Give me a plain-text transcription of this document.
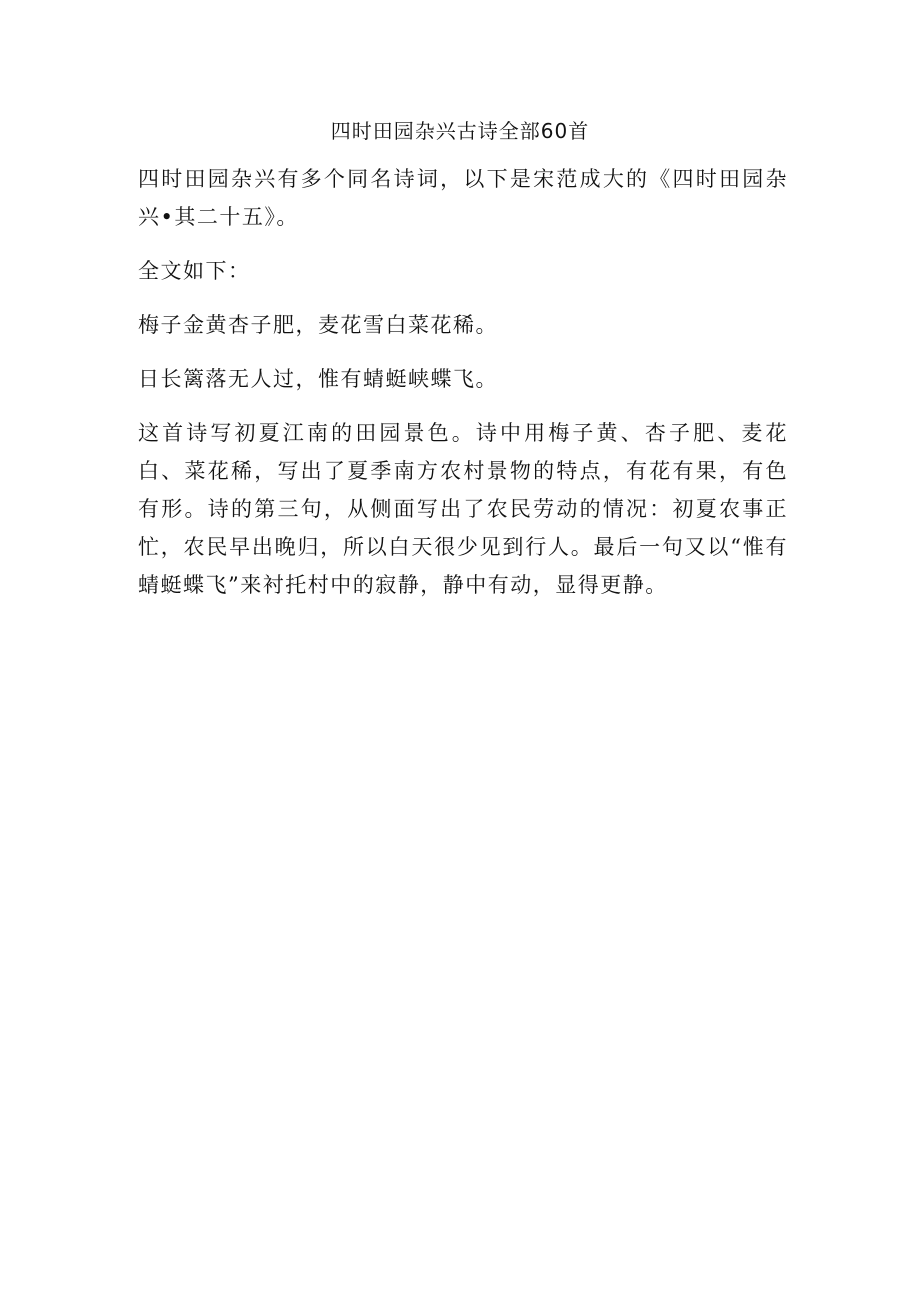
四时田园杂兴古诗全部60首

四时田园杂兴有多个同名诗词，以下是宋范成大的《四时田园杂兴•其二十五》。

全文如下：

梅子金黄杏子肥，麦花雪白菜花稀。

日长篱落无人过，惟有蜻蜓峡蝶飞。

这首诗写初夏江南的田园景色。诗中用梅子黄、杏子肥、麦花白、菜花稀，写出了夏季南方农村景物的特点，有花有果，有色有形。诗的第三句，从侧面写出了农民劳动的情况：初夏农事正忙，农民早出晚归，所以白天很少见到行人。最后一句又以“惟有蜻蜓蝶飞”来衬托村中的寂静，静中有动，显得更静。
